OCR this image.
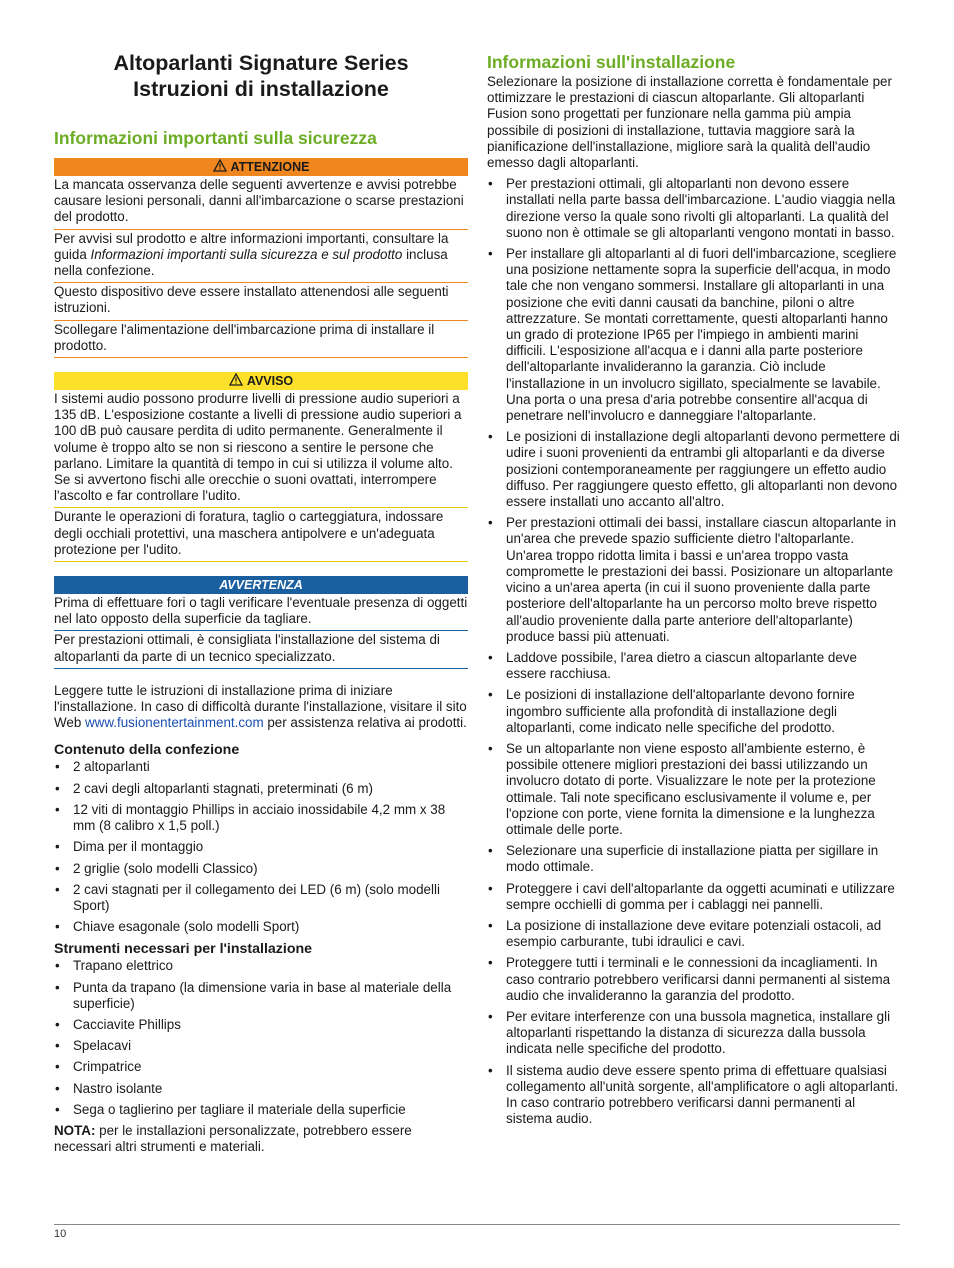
Altoparlanti Signature Series
Istruzioni di installazione
Informazioni importanti sulla sicurezza
ATTENZIONE

La mancata osservanza delle seguenti avvertenze e avvisi potrebbe causare lesioni personali, danni all'imbarcazione o scarse prestazioni del prodotto.

Per avvisi sul prodotto e altre informazioni importanti, consultare la guida Informazioni importanti sulla sicurezza e sul prodotto inclusa nella confezione.

Questo dispositivo deve essere installato attenendosi alle seguenti istruzioni.

Scollegare l'alimentazione dell'imbarcazione prima di installare il prodotto.

AVVISO

I sistemi audio possono produrre livelli di pressione audio superiori a 135 dB. L'esposizione costante a livelli di pressione audio superiori a 100 dB può causare perdita di udito permanente. Generalmente il volume è troppo alto se non si riescono a sentire le persone che parlano. Limitare la quantità di tempo in cui si utilizza il volume alto. Se si avvertono fischi alle orecchie o suoni ovattati, interrompere l'ascolto e far controllare l'udito.

Durante le operazioni di foratura, taglio o carteggiatura, indossare degli occhiali protettivi, una maschera antipolvere e un'adeguata protezione per l'udito.

AVVERTENZA

Prima di effettuare fori o tagli verificare l'eventuale presenza di oggetti nel lato opposto della superficie da tagliare.

Per prestazioni ottimali, è consigliata l'installazione del sistema di altoparlanti da parte di un tecnico specializzato.

Leggere tutte le istruzioni di installazione prima di iniziare l'installazione. In caso di difficoltà durante l'installazione, visitare il sito Web www.fusionentertainment.com per assistenza relativa ai prodotti.

Contenuto della confezione
• 2 altoparlanti
• 2 cavi degli altoparlanti stagnati, preterminati (6 m)
• 12 viti di montaggio Phillips in acciaio inossidabile 4,2 mm x 38 mm (8 calibro x 1,5 poll.)
• Dima per il montaggio
• 2 griglie (solo modelli Classico)
• 2 cavi stagnati per il collegamento dei LED (6 m) (solo modelli Sport)
• Chiave esagonale (solo modelli Sport)
Strumenti necessari per l'installazione
• Trapano elettrico
• Punta da trapano (la dimensione varia in base al materiale della superficie)
• Cacciavite Phillips
• Spelacavi
• Crimpatrice
• Nastro isolante
• Sega o taglierino per tagliare il materiale della superficie

NOTA: per le installazioni personalizzate, potrebbero essere necessari altri strumenti e materiali.

Informazioni sull'installazione

Selezionare la posizione di installazione corretta è fondamentale per ottimizzare le prestazioni di ciascun altoparlante. Gli altoparlanti Fusion sono progettati per funzionare nella gamma più ampia possibile di posizioni di installazione, tuttavia maggiore sarà la pianificazione dell'installazione, migliore sarà la qualità dell'audio emesso dagli altoparlanti.

• Per prestazioni ottimali, gli altoparlanti non devono essere installati nella parte bassa dell'imbarcazione. L'audio viaggia nella direzione verso la quale sono rivolti gli altoparlanti. La qualità del suono non è ottimale se gli altoparlanti vengono montati in basso.
• Per installare gli altoparlanti al di fuori dell'imbarcazione, scegliere una posizione nettamente sopra la superficie dell'acqua, in modo tale che non vengano sommersi. Installare gli altoparlanti in una posizione che eviti danni causati da banchine, piloni o altre attrezzature. Se montati correttamente, questi altoparlanti hanno un grado di protezione IP65 per l'impiego in ambienti marini difficili. L'esposizione all'acqua e i danni alla parte posteriore dell'altoparlante invalideranno la garanzia. Ciò include l'installazione in un involucro sigillato, specialmente se lavabile. Una porta o una presa d'aria potrebbe consentire all'acqua di penetrare nell'involucro e danneggiare l'altoparlante.
• Le posizioni di installazione degli altoparlanti devono permettere di udire i suoni provenienti da entrambi gli altoparlanti e da diverse posizioni contemporaneamente per raggiungere un effetto audio diffuso. Per raggiungere questo effetto, gli altoparlanti non devono essere installati uno accanto all'altro.
• Per prestazioni ottimali dei bassi, installare ciascun altoparlante in un'area che prevede spazio sufficiente dietro l'altoparlante. Un'area troppo ridotta limita i bassi e un'area troppo vasta compromette le prestazioni dei bassi. Posizionare un altoparlante vicino a un'area aperta (in cui il suono proveniente dalla parte posteriore dell'altoparlante ha un percorso molto breve rispetto all'audio proveniente dalla parte anteriore dell'altoparlante) produce bassi più attenuati.
• Laddove possibile, l'area dietro a ciascun altoparlante deve essere racchiusa.
• Le posizioni di installazione dell'altoparlante devono fornire ingombro sufficiente alla profondità di installazione degli altoparlanti, come indicato nelle specifiche del prodotto.
• Se un altoparlante non viene esposto all'ambiente esterno, è possibile ottenere migliori prestazioni dei bassi utilizzando un involucro dotato di porte. Visualizzare le note per la protezione ottimale. Tali note specificano esclusivamente il volume e, per l'opzione con porte, viene fornita la dimensione e la lunghezza ottimale delle porte.
• Selezionare una superficie di installazione piatta per sigillare in modo ottimale.
• Proteggere i cavi dell'altoparlante da oggetti acuminati e utilizzare sempre occhielli di gomma per i cablaggi nei pannelli.
• La posizione di installazione deve evitare potenziali ostacoli, ad esempio carburante, tubi idraulici e cavi.
• Proteggere tutti i terminali e le connessioni da incagliamenti. In caso contrario potrebbero verificarsi danni permanenti al sistema audio che invalideranno la garanzia del prodotto.
• Per evitare interferenze con una bussola magnetica, installare gli altoparlanti rispettando la distanza di sicurezza dalla bussola indicata nelle specifiche del prodotto.
• Il sistema audio deve essere spento prima di effettuare qualsiasi collegamento all'unità sorgente, all'amplificatore o agli altoparlanti. In caso contrario potrebbero verificarsi danni permanenti al sistema audio.
10
